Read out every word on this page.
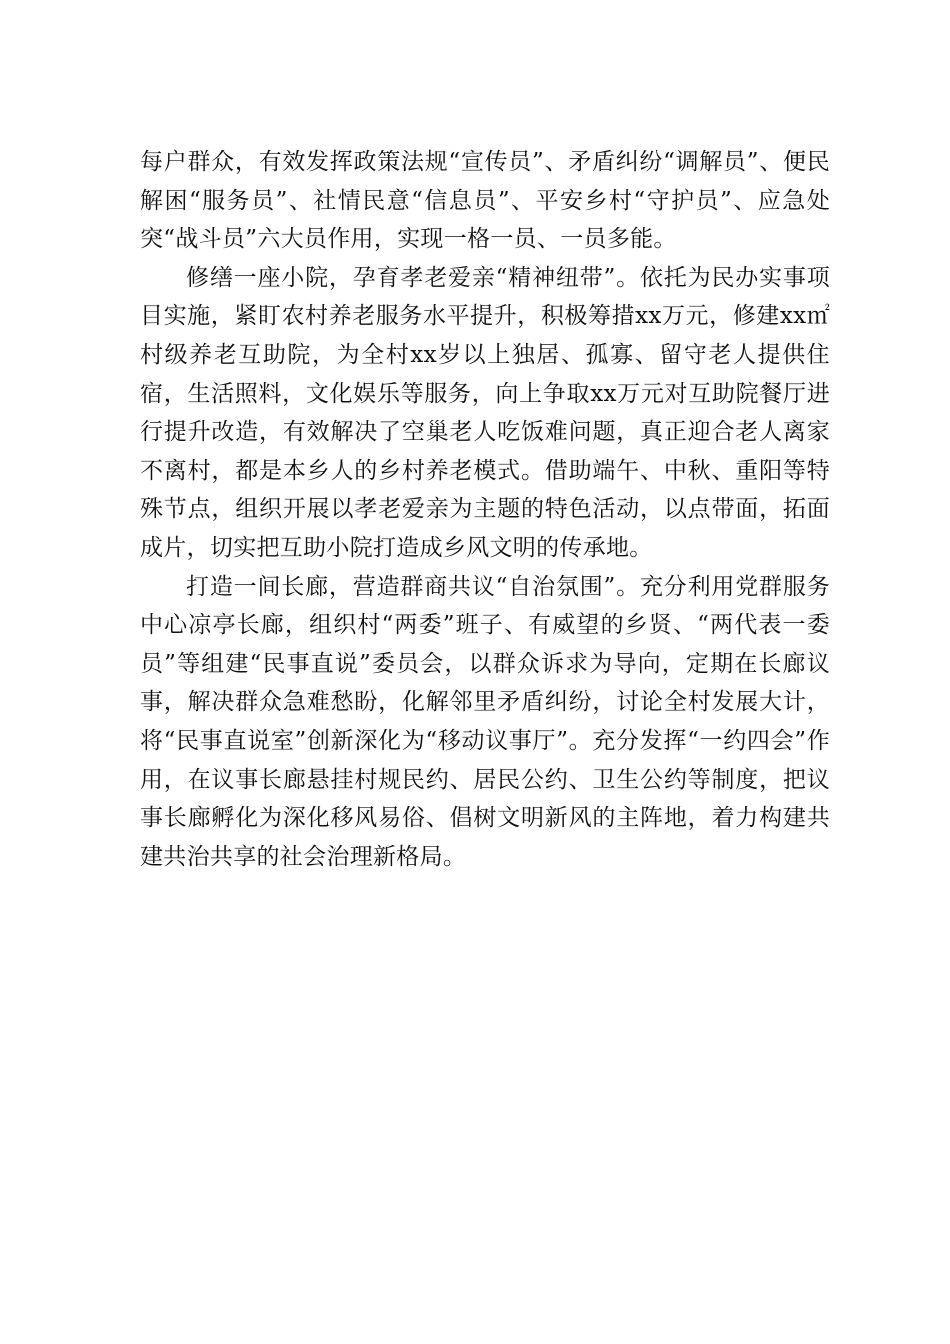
每户群众，有效发挥政策法规“宣传员”、矛盾纠纷“调解员”、便民解困“服务员”、社情民意“信息员”、平安乡村“守护员”、应急处突“战斗员”六大员作用，实现一格一员、一员多能。

修缮一座小院，孕育孝老爱亲“精神纽带”。依托为民办实事项目实施，紧盯农村养老服务水平提升，积极筹措xx万元，修建xx㎡村级养老互助院，为全村xx岁以上独居、孤寡、留守老人提供住宿，生活照料，文化娱乐等服务，向上争取xx万元对互助院餐厅进行提升改造，有效解决了空巢老人吃饭难问题，真正迎合老人离家不离村，都是本乡人的乡村养老模式。借助端午、中秋、重阳等特殊节点，组织开展以孝老爱亲为主题的特色活动，以点带面，拓面成片，切实把互助小院打造成乡风文明的传承地。

打造一间长廊，营造群商共议“自治氛围”。充分利用党群服务中心凉亭长廊，组织村“两委”班子、有威望的乡贤、“两代表一委员”等组建“民事直说”委员会，以群众诉求为导向，定期在长廊议事，解决群众急难愁盼，化解邻里矛盾纠纷，讨论全村发展大计，将“民事直说室”创新深化为“移动议事厅”。充分发挥“一约四会”作用，在议事长廊悬挂村规民约、居民公约、卫生公约等制度，把议事长廊孵化为深化移风易俗、倡树文明新风的主阵地，着力构建共建共治共享的社会治理新格局。
